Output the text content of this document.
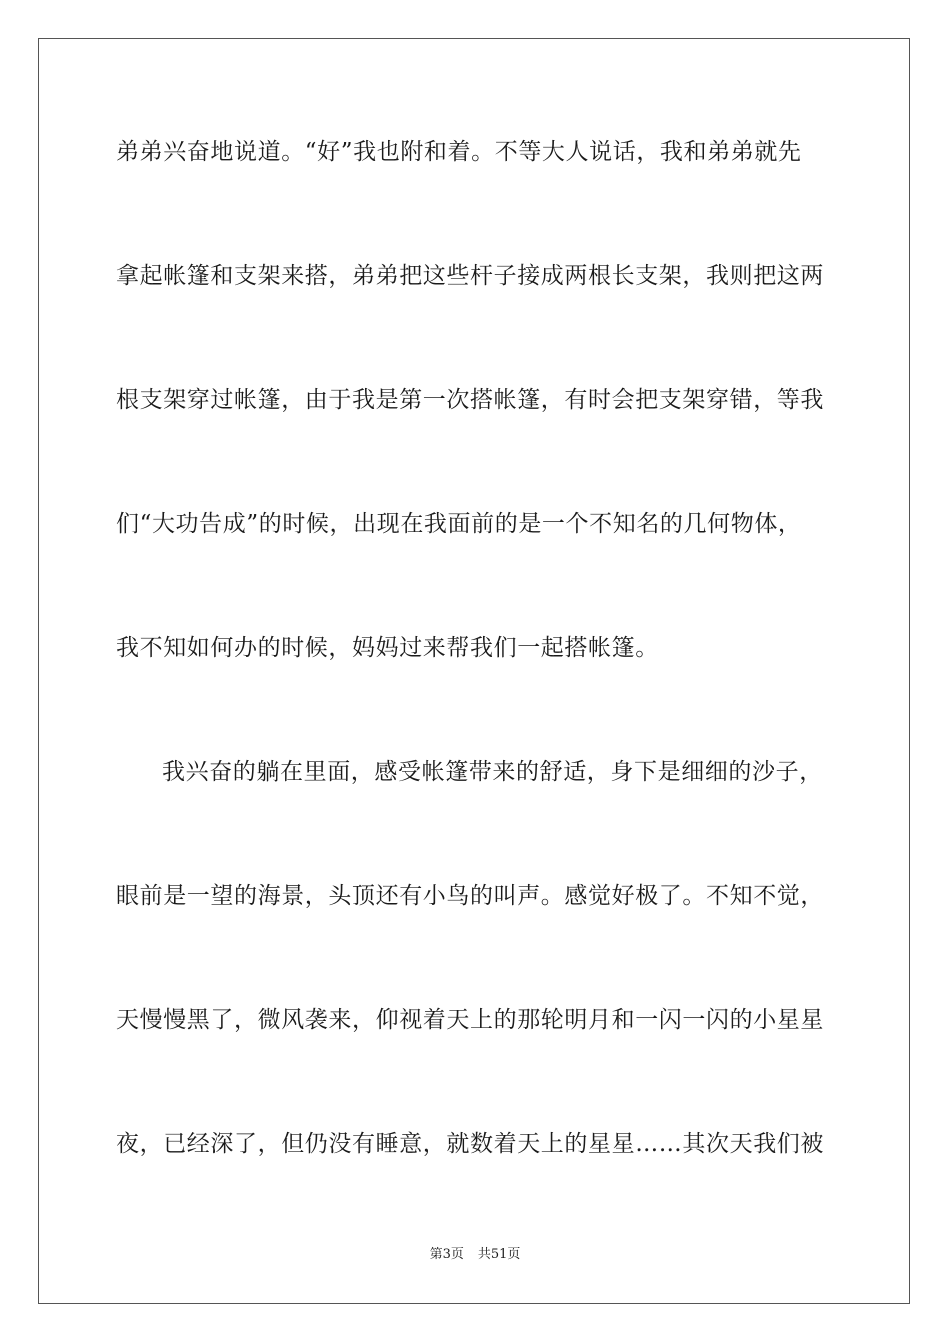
弟弟兴奋地说道。“好”我也附和着。不等大人说话，我和弟弟就先
拿起帐篷和支架来搭，弟弟把这些杆子接成两根长支架，我则把这两
根支架穿过帐篷，由于我是第一次搭帐篷，有时会把支架穿错，等我
们“大功告成”的时候，出现在我面前的是一个不知名的几何物体，
我不知如何办的时候，妈妈过来帮我们一起搭帐篷。
我兴奋的躺在里面，感受帐篷带来的舒适，身下是细细的沙子，
眼前是一望的海景，头顶还有小鸟的叫声。感觉好极了。不知不觉，
天慢慢黑了，微风袭来，仰视着天上的那轮明月和一闪一闪的小星星
夜，已经深了，但仍没有睡意，就数着天上的星星……其次天我们被
第3页 共51页
